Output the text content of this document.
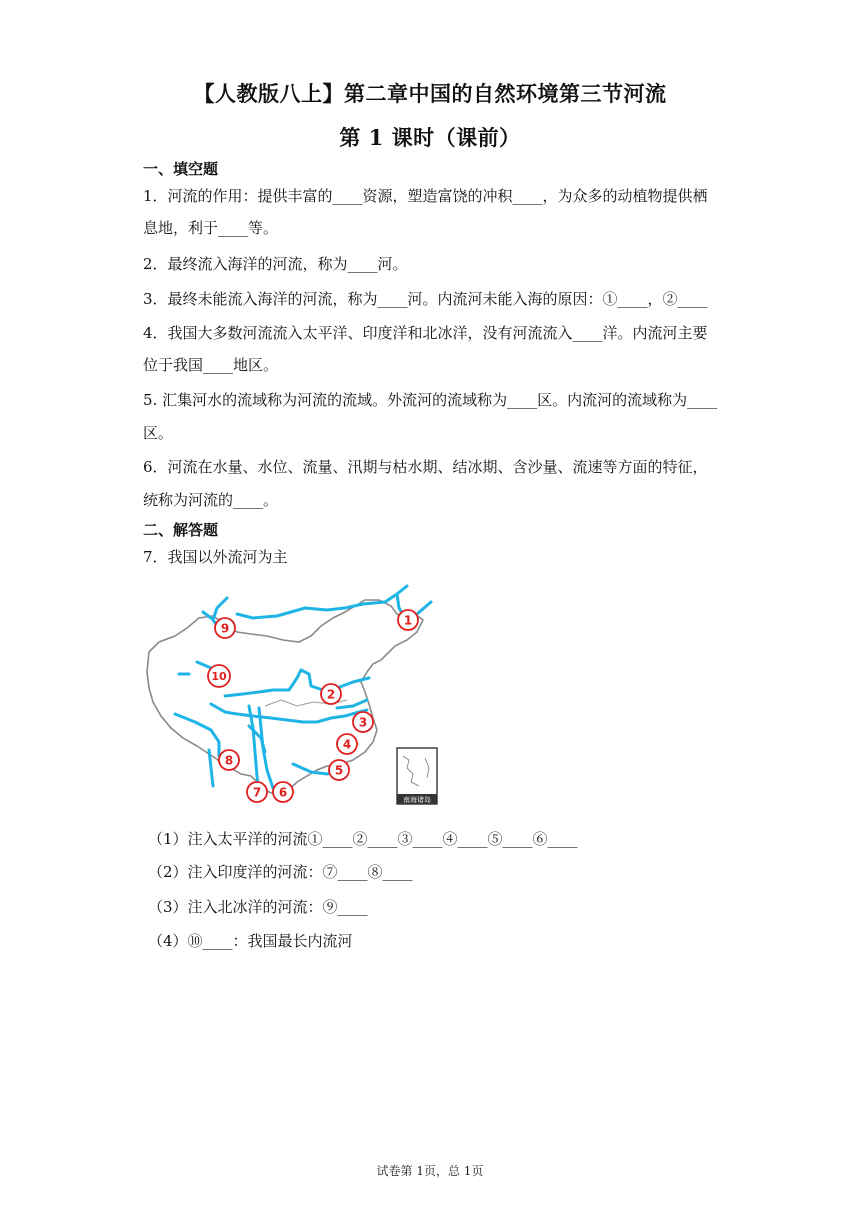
【人教版八上】第二章中国的自然环境第三节河流
第 1 课时（课前）
一、填空题
1．河流的作用：提供丰富的____资源，塑造富饶的冲积____，为众多的动植物提供栖
息地，利于____等。
2．最终流入海洋的河流，称为____河。
3．最终未能流入海洋的河流，称为____河。内流河未能入海的原因：①____，②____
4．我国大多数河流流入太平洋、印度洋和北冰洋，没有河流流入____洋。内流河主要
位于我国____地区。
5. 汇集河水的流域称为河流的流域。外流河的流域称为____区。内流河的流域称为____
区。
6．河流在水量、水位、流量、汛期与枯水期、结冰期、含沙量、流速等方面的特征，
统称为河流的____。
二、解答题
7．我国以外流河为主
南海诸岛
1
2
3
4
5
6
7
8
9
10
（1）注入太平洋的河流①____②____③____④____⑤____⑥____
（2）注入印度洋的河流：⑦____⑧____
（3）注入北冰洋的河流：⑨____
（4）⑩____：我国最长内流河
试卷第 1页，总 1页
